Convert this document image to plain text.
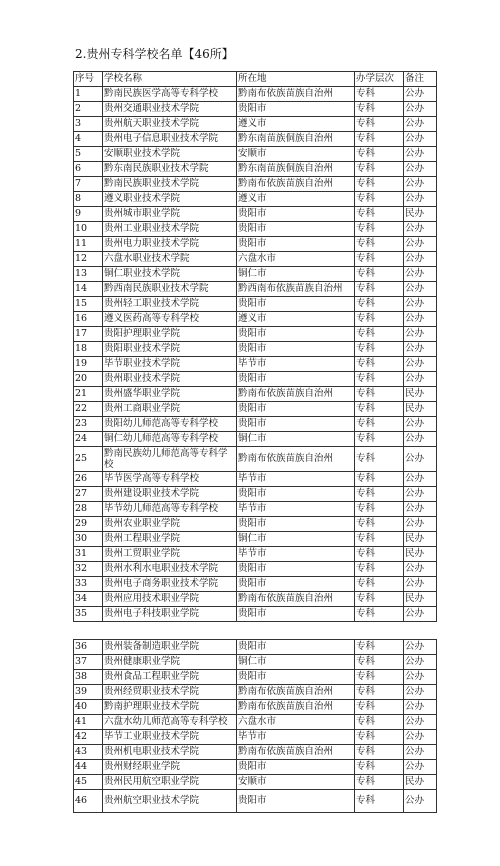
2.贵州专科学校名单【46所】
序号	学校名称	所在地	办学层次	备注
1	黔南民族医学高等专科学校	黔南布依族苗族自治州	专科	公办
2	贵州交通职业技术学院	贵阳市	专科	公办
3	贵州航天职业技术学院	遵义市	专科	公办
4	贵州电子信息职业技术学院	黔东南苗族侗族自治州	专科	公办
5	安顺职业技术学院	安顺市	专科	公办
6	黔东南民族职业技术学院	黔东南苗族侗族自治州	专科	公办
7	黔南民族职业技术学院	黔南布依族苗族自治州	专科	公办
8	遵义职业技术学院	遵义市	专科	公办
9	贵州城市职业学院	贵阳市	专科	民办
10	贵州工业职业技术学院	贵阳市	专科	公办
11	贵州电力职业技术学院	贵阳市	专科	公办
12	六盘水职业技术学院	六盘水市	专科	公办
13	铜仁职业技术学院	铜仁市	专科	公办
14	黔西南民族职业技术学院	黔西南布依族苗族自治州	专科	公办
15	贵州轻工职业技术学院	贵阳市	专科	公办
16	遵义医药高等专科学校	遵义市	专科	公办
17	贵阳护理职业学院	贵阳市	专科	公办
18	贵阳职业技术学院	贵阳市	专科	公办
19	毕节职业技术学院	毕节市	专科	公办
20	贵州职业技术学院	贵阳市	专科	公办
21	贵州盛华职业学院	黔南布依族苗族自治州	专科	民办
22	贵州工商职业学院	贵阳市	专科	民办
23	贵阳幼儿师范高等专科学校	贵阳市	专科	公办
24	铜仁幼儿师范高等专科学校	铜仁市	专科	公办
25	黔南民族幼儿师范高等专科学校	黔南布依族苗族自治州	专科	公办
26	毕节医学高等专科学校	毕节市	专科	公办
27	贵州建设职业技术学院	贵阳市	专科	公办
28	毕节幼儿师范高等专科学校	毕节市	专科	公办
29	贵州农业职业学院	贵阳市	专科	公办
30	贵州工程职业学院	铜仁市	专科	民办
31	贵州工贸职业学院	毕节市	专科	民办
32	贵州水利水电职业技术学院	贵阳市	专科	公办
33	贵州电子商务职业技术学院	贵阳市	专科	公办
34	贵州应用技术职业学院	黔南布依族苗族自治州	专科	民办
35	贵州电子科技职业学院	贵阳市	专科	公办
36	贵州装备制造职业学院	贵阳市	专科	公办
37	贵州健康职业学院	铜仁市	专科	公办
38	贵州食品工程职业学院	贵阳市	专科	公办
39	贵州经贸职业技术学院	黔南布依族苗族自治州	专科	公办
40	黔南护理职业技术学院	黔南布依族苗族自治州	专科	公办
41	六盘水幼儿师范高等专科学校	六盘水市	专科	公办
42	毕节工业职业技术学院	毕节市	专科	公办
43	贵州机电职业技术学院	黔南布依族苗族自治州	专科	公办
44	贵州财经职业学院	贵阳市	专科	公办
45	贵州民用航空职业学院	安顺市	专科	民办
46	贵州航空职业技术学院	贵阳市	专科	公办
